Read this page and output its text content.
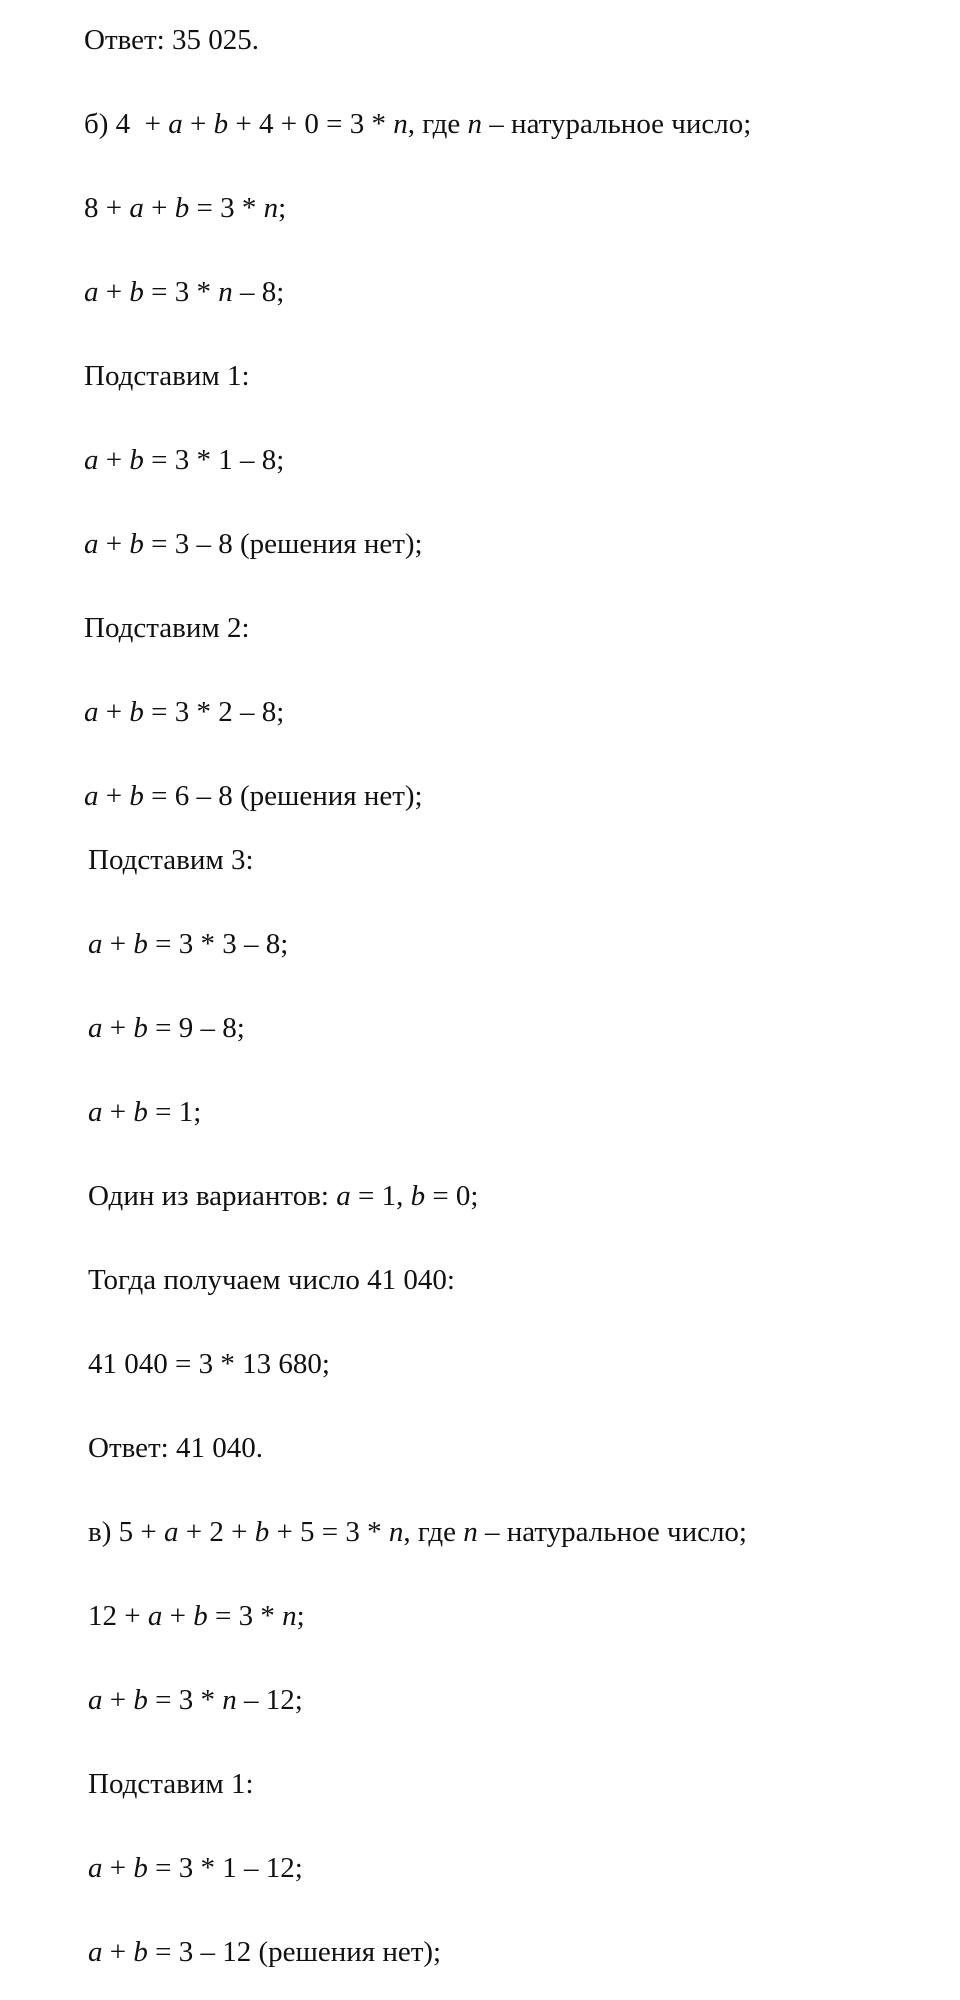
Ответ: 35 025.

б) 4  + a + b + 4 + 0 = 3 * n, где n – натуральное число;

8 + a + b = 3 * n;

a + b = 3 * n – 8;

Подставим 1:

a + b = 3 * 1 – 8;

a + b = 3 – 8 (решения нет);

Подставим 2:

a + b = 3 * 2 – 8;

a + b = 6 – 8 (решения нет);

Подставим 3:

a + b = 3 * 3 – 8;

a + b = 9 – 8;

a + b = 1;

Один из вариантов: a = 1, b = 0;

Тогда получаем число 41 040:

41 040 = 3 * 13 680;

Ответ: 41 040.

в) 5 + a + 2 + b + 5 = 3 * n, где n – натуральное число;

12 + a + b = 3 * n;

a + b = 3 * n – 12;

Подставим 1:

a + b = 3 * 1 – 12;

a + b = 3 – 12 (решения нет);
